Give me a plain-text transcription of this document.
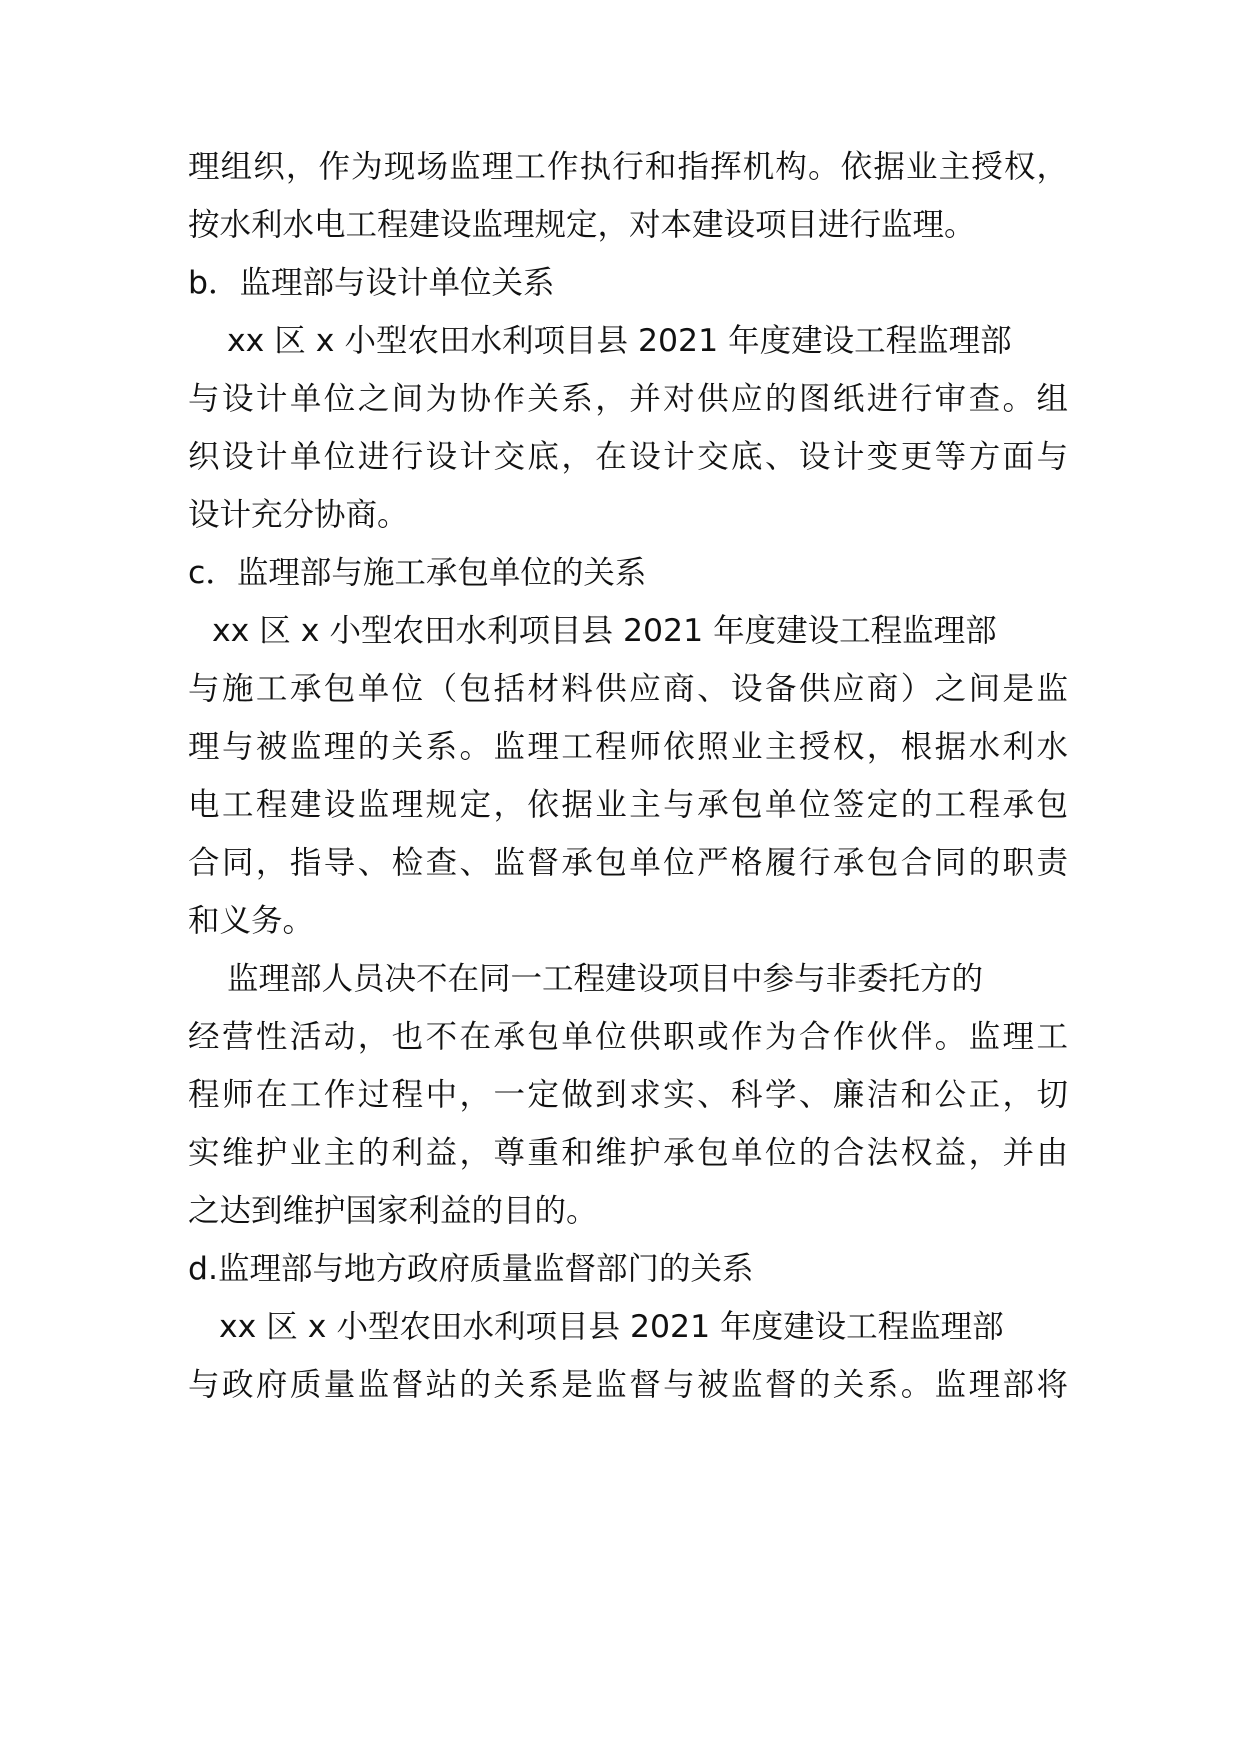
理组织，作为现场监理工作执行和指挥机构。依据业主授权，
按水利水电工程建设监理规定，对本建设项目进行监理。
b．监理部与设计单位关系
xx 区 x 小型农田水利项目县 2021 年度建设工程监理部
与设计单位之间为协作关系，并对供应的图纸进行审查。组
织设计单位进行设计交底，在设计交底、设计变更等方面与
设计充分协商。
c．监理部与施工承包单位的关系
xx 区 x 小型农田水利项目县 2021 年度建设工程监理部
与施工承包单位（包括材料供应商、设备供应商）之间是监
理与被监理的关系。监理工程师依照业主授权，根据水利水
电工程建设监理规定，依据业主与承包单位签定的工程承包
合同，指导、检查、监督承包单位严格履行承包合同的职责
和义务。
监理部人员决不在同一工程建设项目中参与非委托方的
经营性活动，也不在承包单位供职或作为合作伙伴。监理工
程师在工作过程中，一定做到求实、科学、廉洁和公正，切
实维护业主的利益，尊重和维护承包单位的合法权益，并由
之达到维护国家利益的目的。
d.监理部与地方政府质量监督部门的关系
xx 区 x 小型农田水利项目县 2021 年度建设工程监理部
与政府质量监督站的关系是监督与被监督的关系。监理部将
